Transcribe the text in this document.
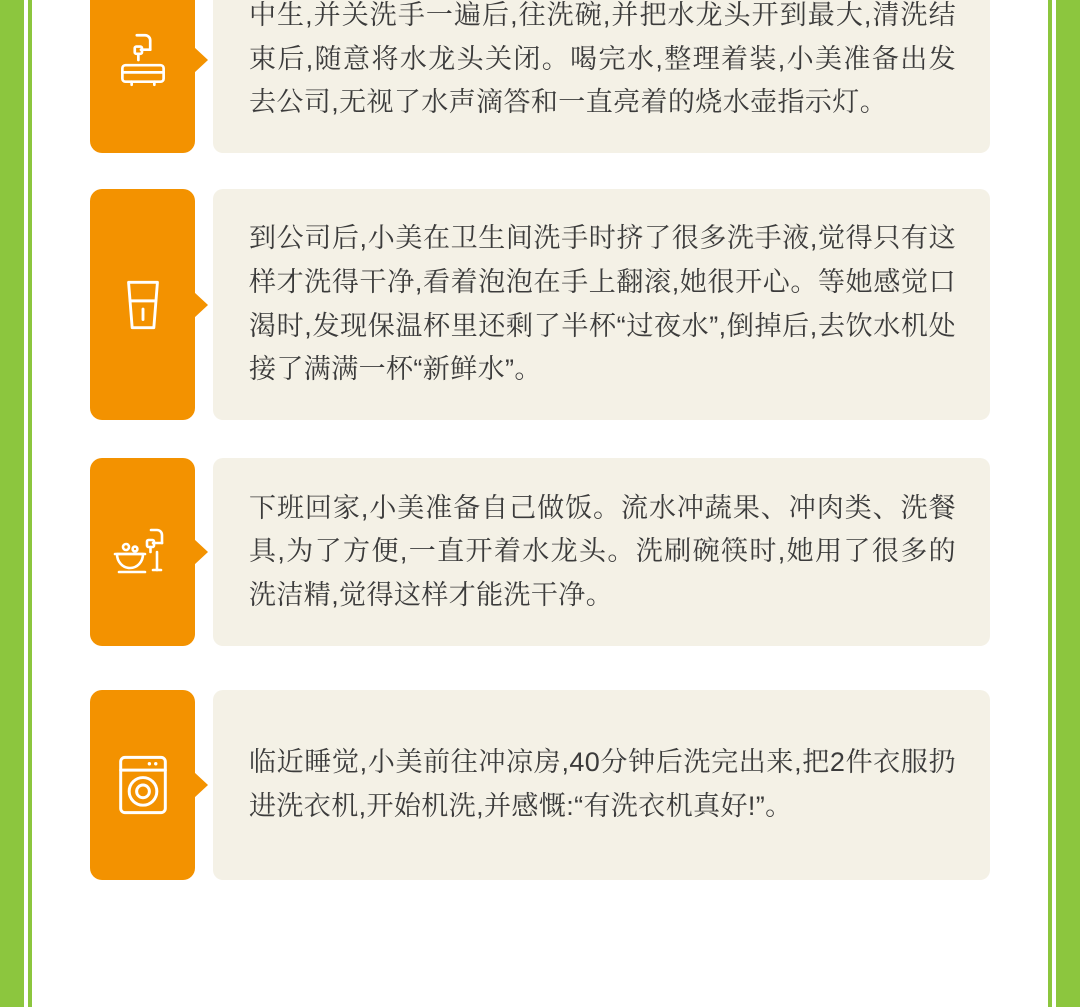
中生,并关洗手一遍后,往洗碗,并把水龙头开到最大,清洗结束后,随意将水龙头关闭。喝完水,整理着装,小美准备出发去公司,无视了水声滴答和一直亮着的烧水壶指示灯。
到公司后,小美在卫生间洗手时挤了很多洗手液,觉得只有这样才洗得干净,看着泡泡在手上翻滚,她很开心。等她感觉口渴时,发现保温杯里还剩了半杯“过夜水”,倒掉后,去饮水机处接了满满一杯“新鲜水”。
下班回家,小美准备自己做饭。流水冲蔬果、冲肉类、洗餐具,为了方便,一直开着水龙头。洗刷碗筷时,她用了很多的洗洁精,觉得这样才能洗干净。
临近睡觉,小美前往冲凉房,40分钟后洗完出来,把2件衣服扔进洗衣机,开始机洗,并感慨:“有洗衣机真好!”。
